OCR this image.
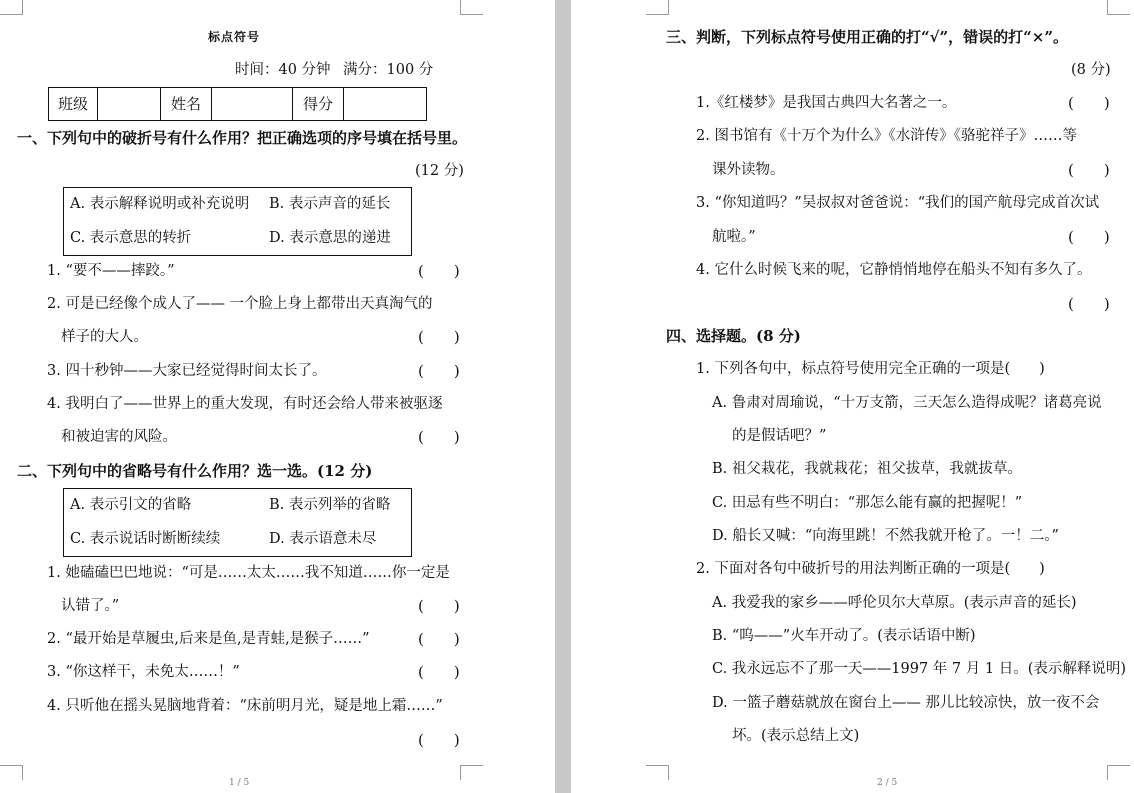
标点符号
时间：40 分钟 满分：100 分
班级	姓名	得分
一、下列句中的破折号有什么作用？把正确选项的序号填在括号里。
(12 分)
A. 表示解释说明或补充说明 B. 表示声音的延长
C. 表示意思的转折	D. 表示意思的递进
1. “要不——摔跤。”	(　　)
2. 可是已经像个成人了—— 一个脸上身上都带出天真淘气的
样子的大人。	(　　)
3. 四十秒钟——大家已经觉得时间太长了。	(　　)
4. 我明白了——世界上的重大发现，有时还会给人带来被驱逐
和被迫害的风险。	(　　)
二、下列句中的省略号有什么作用？选一选。(12 分)
A. 表示引文的省略	B. 表示列举的省略
C. 表示说话时断断续续	D. 表示语意未尽
1. 她磕磕巴巴地说：“可是……太太……我不知道……你一定是
认错了。”	(　　)
2. “最开始是草履虫,后来是鱼,是青蛙,是猴子……”	(　　)
3. “你这样干，未免太……！”	(　　)
4. 只听他在摇头晃脑地背着：“床前明月光，疑是地上霜……”
(　　)
1 / 5
三、判断，下列标点符号使用正确的打“√”，错误的打“×”。
(8 分)
1.《红楼梦》是我国古典四大名著之一。	(　　)
2. 图书馆有《十万个为什么》《水浒传》《骆驼祥子》……等
课外读物。	(　　)
3. “你知道吗？”吴叔叔对爸爸说：“我们的国产航母完成首次试
航啦。”	(　　)
4. 它什么时候飞来的呢，它静悄悄地停在船头不知有多久了。
(　　)
四、选择题。(8 分)
1. 下列各句中，标点符号使用完全正确的一项是(　　)
A. 鲁肃对周瑜说，“十万支箭，三天怎么造得成呢？诸葛亮说
的是假话吧？”
B. 祖父栽花，我就栽花；祖父拔草，我就拔草。
C. 田忌有些不明白：“那怎么能有赢的把握呢！”
D. 船长又喊：“向海里跳！不然我就开枪了。一！二。”
2. 下面对各句中破折号的用法判断正确的一项是(　　)
A. 我爱我的家乡——呼伦贝尔大草原。(表示声音的延长)
B. “呜——”火车开动了。(表示话语中断)
C. 我永远忘不了那一天——1997 年 7 月 1 日。(表示解释说明)
D. 一篮子蘑菇就放在窗台上—— 那儿比较凉快，放一夜不会
坏。(表示总结上文)
2 / 5
